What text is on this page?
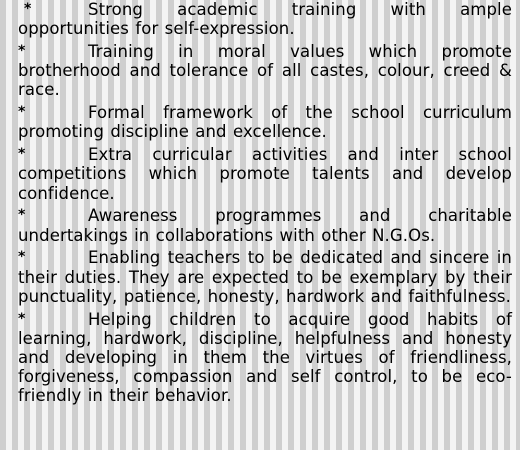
*	Strong academic training with ample opportunities for self-expression.
*	Training in moral values which promote brotherhood and tolerance of all castes, colour, creed & race.
*	Formal framework of the school curriculum promoting discipline and excellence.
*	Extra curricular activities and inter school competitions which promote talents and develop confidence.
*	Awareness programmes and charitable undertakings in collaborations with other N.G.Os.
*	Enabling teachers to be dedicated and sincere in their duties. They are expected to be exemplary by their punctuality, patience, honesty, hardwork and faithfulness.
*	Helping children to acquire good habits of learning, hardwork, discipline, helpfulness and honesty and developing in them the virtues of friendliness, forgiveness, compassion and self control, to be eco-friendly in their behavior.
